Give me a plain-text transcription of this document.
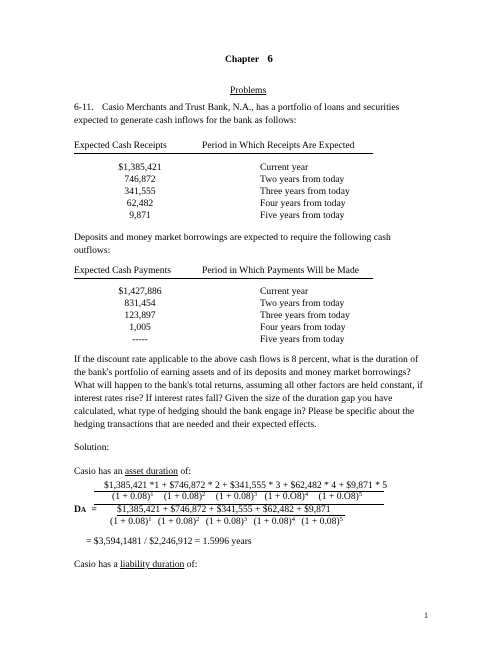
Chapter 6
Problems
6-11. Casio Merchants and Trust Bank, N.A., has a portfolio of loans and securities
expected to generate cash inflows for the bank as follows:
Expected Cash Receipts	Period in Which Receipts Are Expected
$1,385,421	Current year
746,872	Two years from today
341,555	Three years from today
62,482	Four years from today
9,871	Five years from today
Deposits and money market borrowings are expected to require the following cash
outflows:
Expected Cash Payments	Period in Which Payments Will be Made
$1,427,886	Current year
831,454	Two years from today
123,897	Three years from today
1,005	Four years from today
-----	Five years from today
If the discount rate applicable to the above cash flows is 8 percent, what is the duration of
the bank's portfolio of earning assets and of its deposits and money market borrowings?
What will happen to the bank's total returns, assuming all other factors are held constant, if
interest rates rise? If interest rates fall? Given the size of the duration gap you have
calculated, what type of hedging should the bank engage in? Please be specific about the
hedging transactions that are needed and their expected effects.
Solution:
Casio has an asset duration of:
$1,385,421 *1 + $746,872 * 2 + $341,555 * 3 + $62,482 * 4 + $9,871 * 5
$(1 + 0.08)^1$ $(1 + 0.08)^2$ $(1 + 0.08)^3$ $(1 + 0.O8)^4$ $(1 + 0.O8)^5$
DA = $1,385,421 + $746,872 + $341,555 + $62,482 + $9,871
$(1 + 0.08)^1$ $(1 + 0.08)^2$ $(1 + 0.08)^3$ $(1 + 0.08)^4$ $(1 + 0.08)^5$
= $3,594,1481 / $2,246,912 = 1.5996 years
Casio has a liability duration of:
1
